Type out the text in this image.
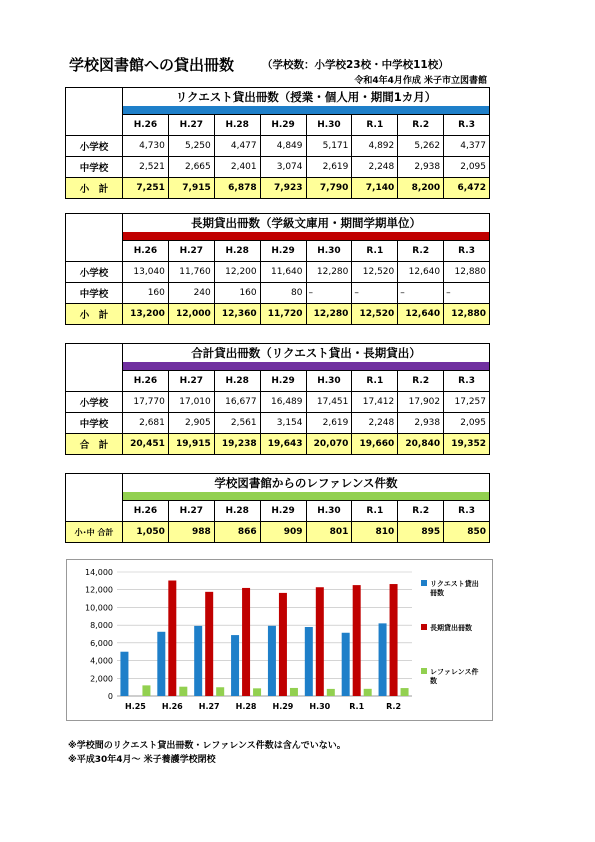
学校図書館への貸出冊数	（学校数：小学校23校・中学校11校）
令和4年4月作成 米子市立図書館
	リクエスト貸出冊数（授業・個人用・期間1カ月）							

	H.26	H.27	H.28	H.29	H.30	R.1	R.2	R.3
小学校	4,730	5,250	4,477	4,849	5,171	4,892	5,262	4,377
中学校	2,521	2,665	2,401	3,074	2,619	2,248	2,938	2,095
小　計	7,251	7,915	6,878	7,923	7,790	7,140	8,200	6,472
	長期貸出冊数（学級文庫用・期間学期単位）							

	H.26	H.27	H.28	H.29	H.30	R.1	R.2	R.3
小学校	13,040	11,760	12,200	11,640	12,280	12,520	12,640	12,880
中学校	160	240	160	80	–	–	–	–
小　計	13,200	12,000	12,360	11,720	12,280	12,520	12,640	12,880
	合計貸出冊数（リクエスト貸出・長期貸出）							

	H.26	H.27	H.28	H.29	H.30	R.1	R.2	R.3
小学校	17,770	17,010	16,677	16,489	17,451	17,412	17,902	17,257
中学校	2,681	2,905	2,561	3,154	2,619	2,248	2,938	2,095
合　計	20,451	19,915	19,238	19,643	20,070	19,660	20,840	19,352
	学校図書館からのレファレンス件数							

	H.26	H.27	H.28	H.29	H.30	R.1	R.2	R.3
小･中 合計	1,050	988	866	909	801	810	895	850
0
2,000
4,000
6,000
8,000
10,000
12,000
14,000
H.25 H.26 H.27 H.28 H.29 H.30 R.1	R.2
リクエスト貸出冊数
長期貸出冊数
レファレンス件数
※学校間のリクエスト貸出冊数・レファレンス件数は含んでいない。
※平成30年4月～ 米子養護学校閉校
